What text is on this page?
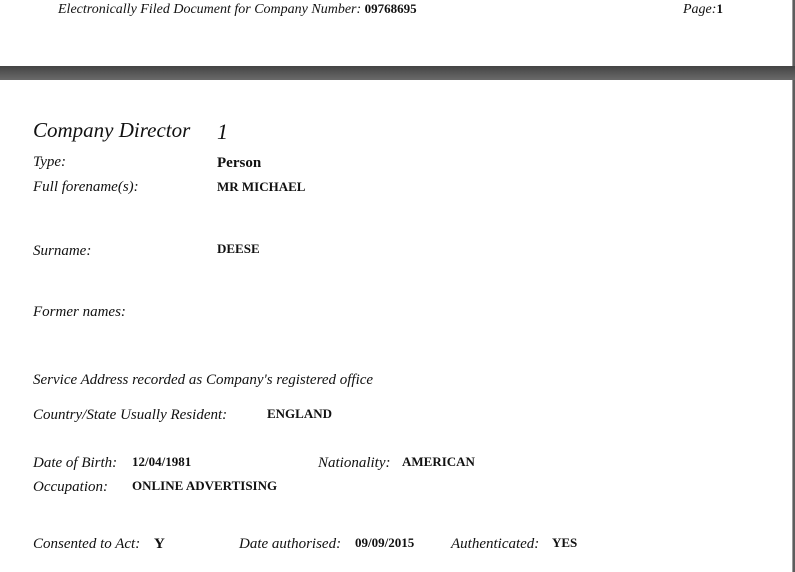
Electronically Filed Document for Company Number: 09768695	Page:1
Company Director 1
Type:	Person
Full forename(s):	MR MICHAEL
Surname:	DEESE
Former names:
Service Address recorded as Company's registered office
Country/State Usually Resident:	ENGLAND
Date of Birth: 12/04/1981	Nationality: AMERICAN
Occupation: ONLINE ADVERTISING
Consented to Act: Y	Date authorised: 09/09/2015 Authenticated: YES
